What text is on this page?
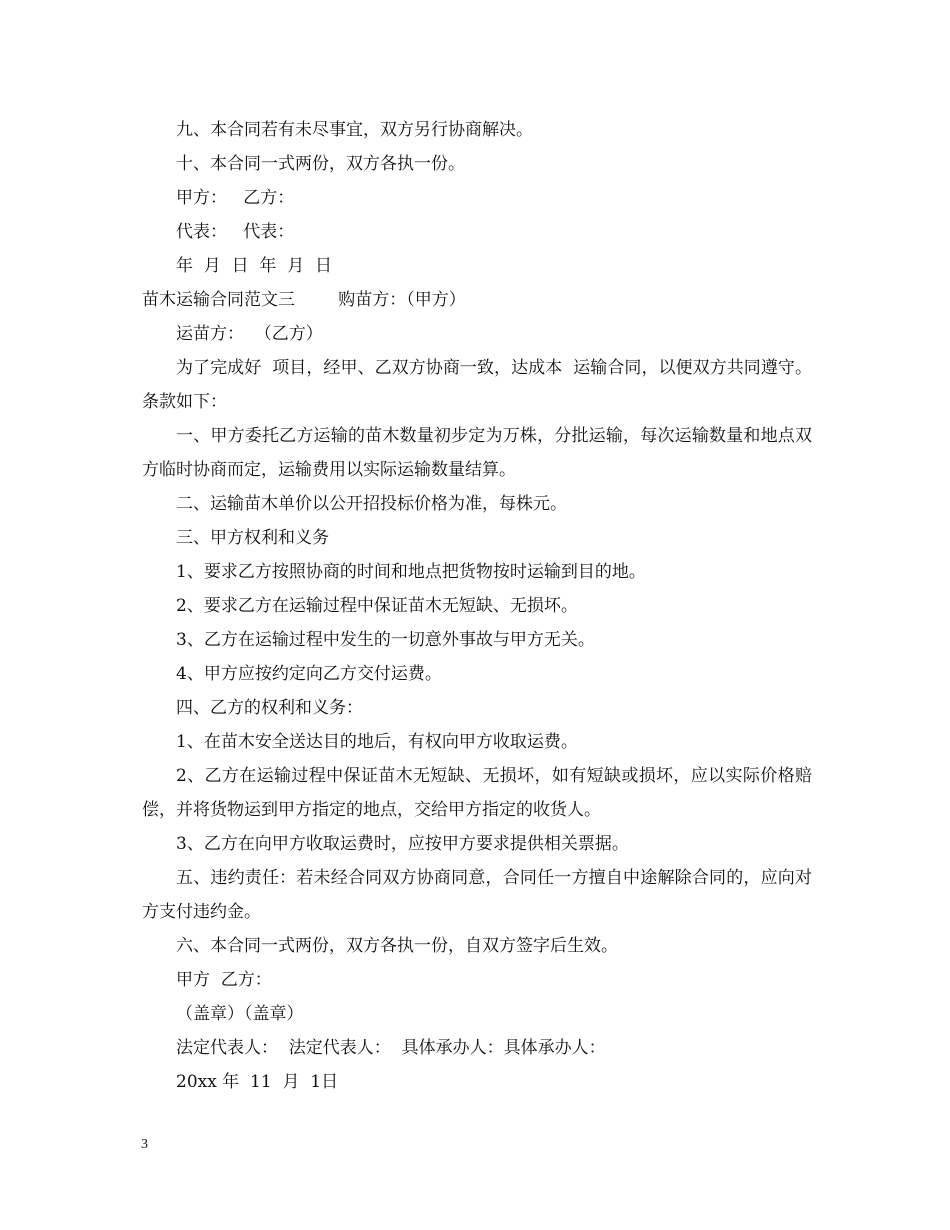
九、本合同若有未尽事宜，双方另行协商解决。

十、本合同一式两份，双方各执一份。

甲方：   乙方：

代表：   代表：

年  月  日  年  月  日

苗木运输合同范文三        购苗方：（甲方）

运苗方：  （乙方）

为了完成好  项目，经甲、乙双方协商一致，达成本  运输合同，以便双方共同遵守。条款如下：

一、甲方委托乙方运输的苗木数量初步定为万株，分批运输，每次运输数量和地点双方临时协商而定，运输费用以实际运输数量结算。

二、运输苗木单价以公开招投标价格为准，每株元。

三、甲方权利和义务

1、要求乙方按照协商的时间和地点把货物按时运输到目的地。

2、要求乙方在运输过程中保证苗木无短缺、无损坏。

3、乙方在运输过程中发生的一切意外事故与甲方无关。

4、甲方应按约定向乙方交付运费。

四、乙方的权利和义务：

1、在苗木安全送达目的地后，有权向甲方收取运费。

2、乙方在运输过程中保证苗木无短缺、无损坏，如有短缺或损坏，应以实际价格赔偿，并将货物运到甲方指定的地点，交给甲方指定的收货人。

3、乙方在向甲方收取运费时，应按甲方要求提供相关票据。

五、违约责任：若未经合同双方协商同意，合同任一方擅自中途解除合同的，应向对方支付违约金。

六、本合同一式两份，双方各执一份，自双方签字后生效。

甲方  乙方：

（盖章）（盖章）

法定代表人：  法定代表人：  具体承办人：具体承办人：

20xx 年  11  月  1日

3
